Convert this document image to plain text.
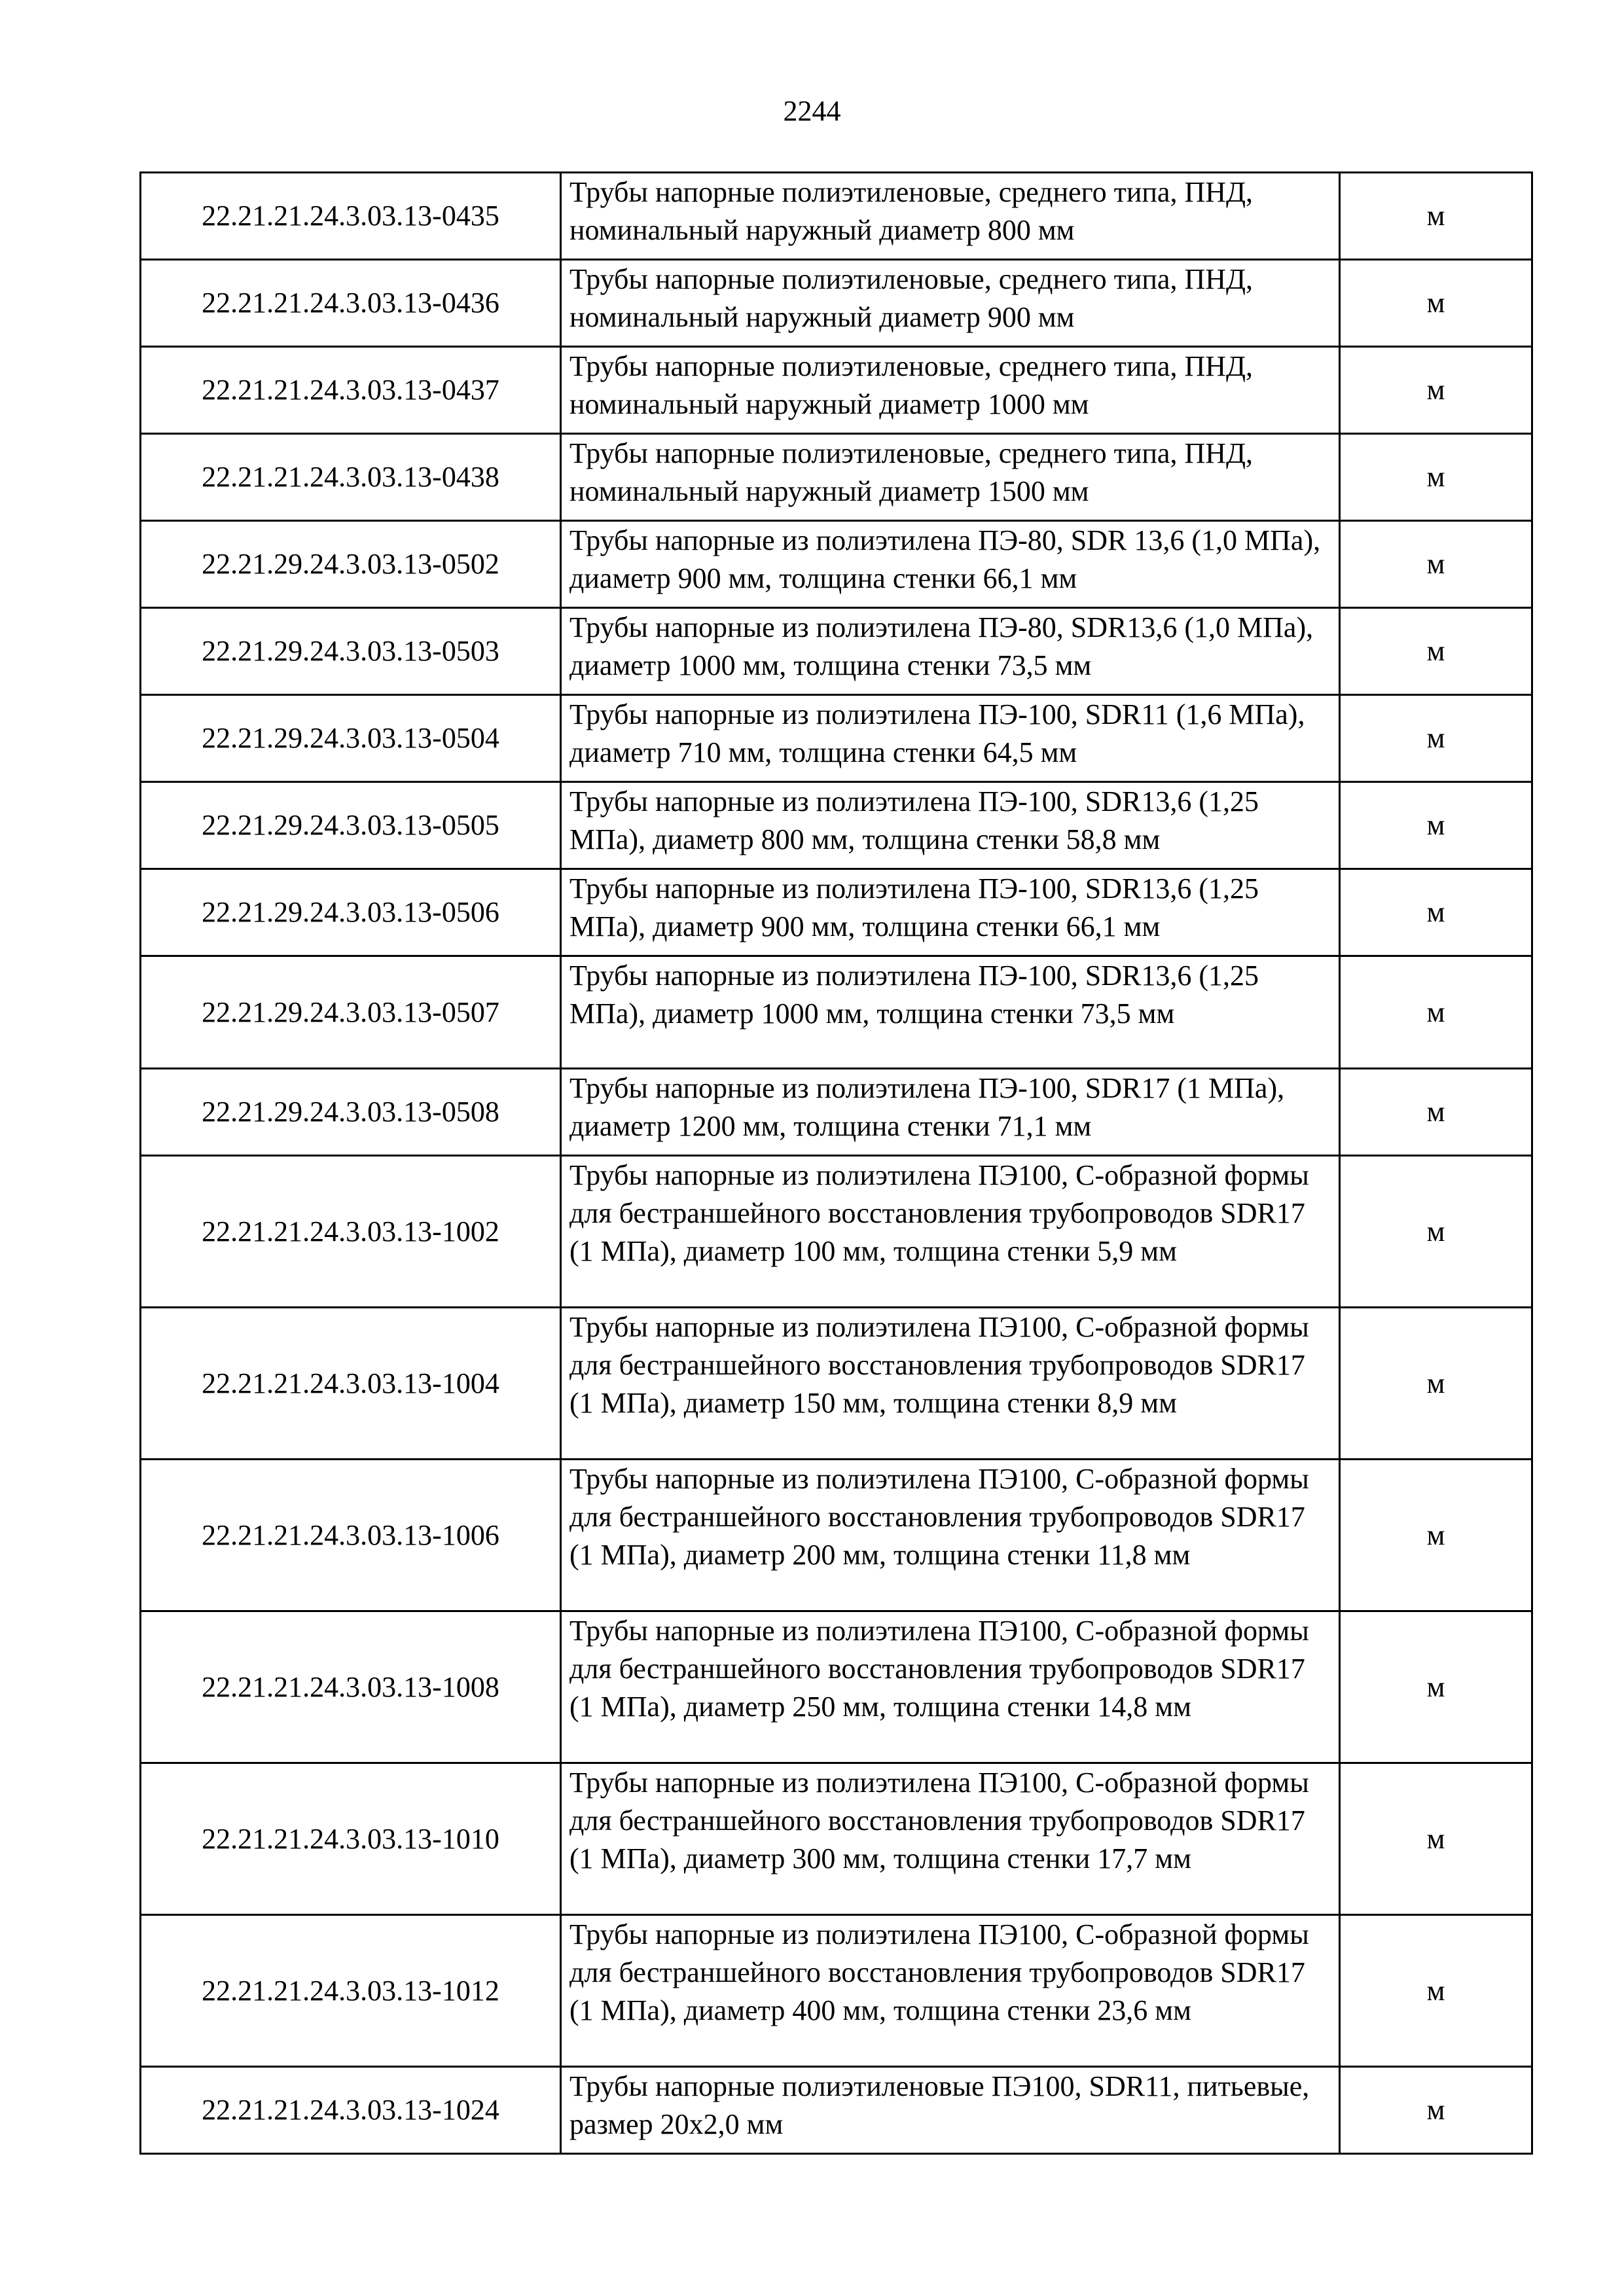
2244
22.21.21.24.3.03.13-0435	Трубы напорные полиэтиленовые, среднего типа, ПНД, номинальный наружный диаметр 800 мм	м
22.21.21.24.3.03.13-0436	Трубы напорные полиэтиленовые, среднего типа, ПНД, номинальный наружный диаметр 900 мм	м
22.21.21.24.3.03.13-0437	Трубы напорные полиэтиленовые, среднего типа, ПНД, номинальный наружный диаметр 1000 мм	м
22.21.21.24.3.03.13-0438	Трубы напорные полиэтиленовые, среднего типа, ПНД, номинальный наружный диаметр 1500 мм	м
22.21.29.24.3.03.13-0502	Трубы напорные из полиэтилена ПЭ-80, SDR 13,6 (1,0 МПа), диаметр 900 мм, толщина стенки 66,1 мм	м
22.21.29.24.3.03.13-0503	Трубы напорные из полиэтилена ПЭ-80, SDR13,6 (1,0 МПа), диаметр 1000 мм, толщина стенки 73,5 мм	м
22.21.29.24.3.03.13-0504	Трубы напорные из полиэтилена ПЭ-100, SDR11 (1,6 МПа), диаметр 710 мм, толщина стенки 64,5 мм	м
22.21.29.24.3.03.13-0505	Трубы напорные из полиэтилена ПЭ-100, SDR13,6 (1,25 МПа), диаметр 800 мм, толщина стенки 58,8 мм	м
22.21.29.24.3.03.13-0506	Трубы напорные из полиэтилена ПЭ-100, SDR13,6 (1,25 МПа), диаметр 900 мм, толщина стенки 66,1 мм	м
22.21.29.24.3.03.13-0507	Трубы напорные из полиэтилена ПЭ-100, SDR13,6 (1,25 МПа), диаметр 1000 мм, толщина стенки 73,5 мм	м
22.21.29.24.3.03.13-0508	Трубы напорные из полиэтилена ПЭ-100, SDR17 (1 МПа), диаметр 1200 мм, толщина стенки 71,1 мм	м
22.21.21.24.3.03.13-1002	Трубы напорные из полиэтилена ПЭ100, С-образной формы для бестраншейного восстановления трубопроводов SDR17 (1 МПа), диаметр 100 мм, толщина стенки 5,9 мм	м
22.21.21.24.3.03.13-1004	Трубы напорные из полиэтилена ПЭ100, С-образной формы для бестраншейного восстановления трубопроводов SDR17 (1 МПа), диаметр 150 мм, толщина стенки 8,9 мм	м
22.21.21.24.3.03.13-1006	Трубы напорные из полиэтилена ПЭ100, С-образной формы для бестраншейного восстановления трубопроводов SDR17 (1 МПа), диаметр 200 мм, толщина стенки 11,8 мм	м
22.21.21.24.3.03.13-1008	Трубы напорные из полиэтилена ПЭ100, С-образной формы для бестраншейного восстановления трубопроводов SDR17 (1 МПа), диаметр 250 мм, толщина стенки 14,8 мм	м
22.21.21.24.3.03.13-1010	Трубы напорные из полиэтилена ПЭ100, С-образной формы для бестраншейного восстановления трубопроводов SDR17 (1 МПа), диаметр 300 мм, толщина стенки 17,7 мм	м
22.21.21.24.3.03.13-1012	Трубы напорные из полиэтилена ПЭ100, С-образной формы для бестраншейного восстановления трубопроводов SDR17 (1 МПа), диаметр 400 мм, толщина стенки 23,6 мм	м
22.21.21.24.3.03.13-1024	Трубы напорные полиэтиленовые ПЭ100, SDR11, питьевые, размер 20х2,0 мм	м
